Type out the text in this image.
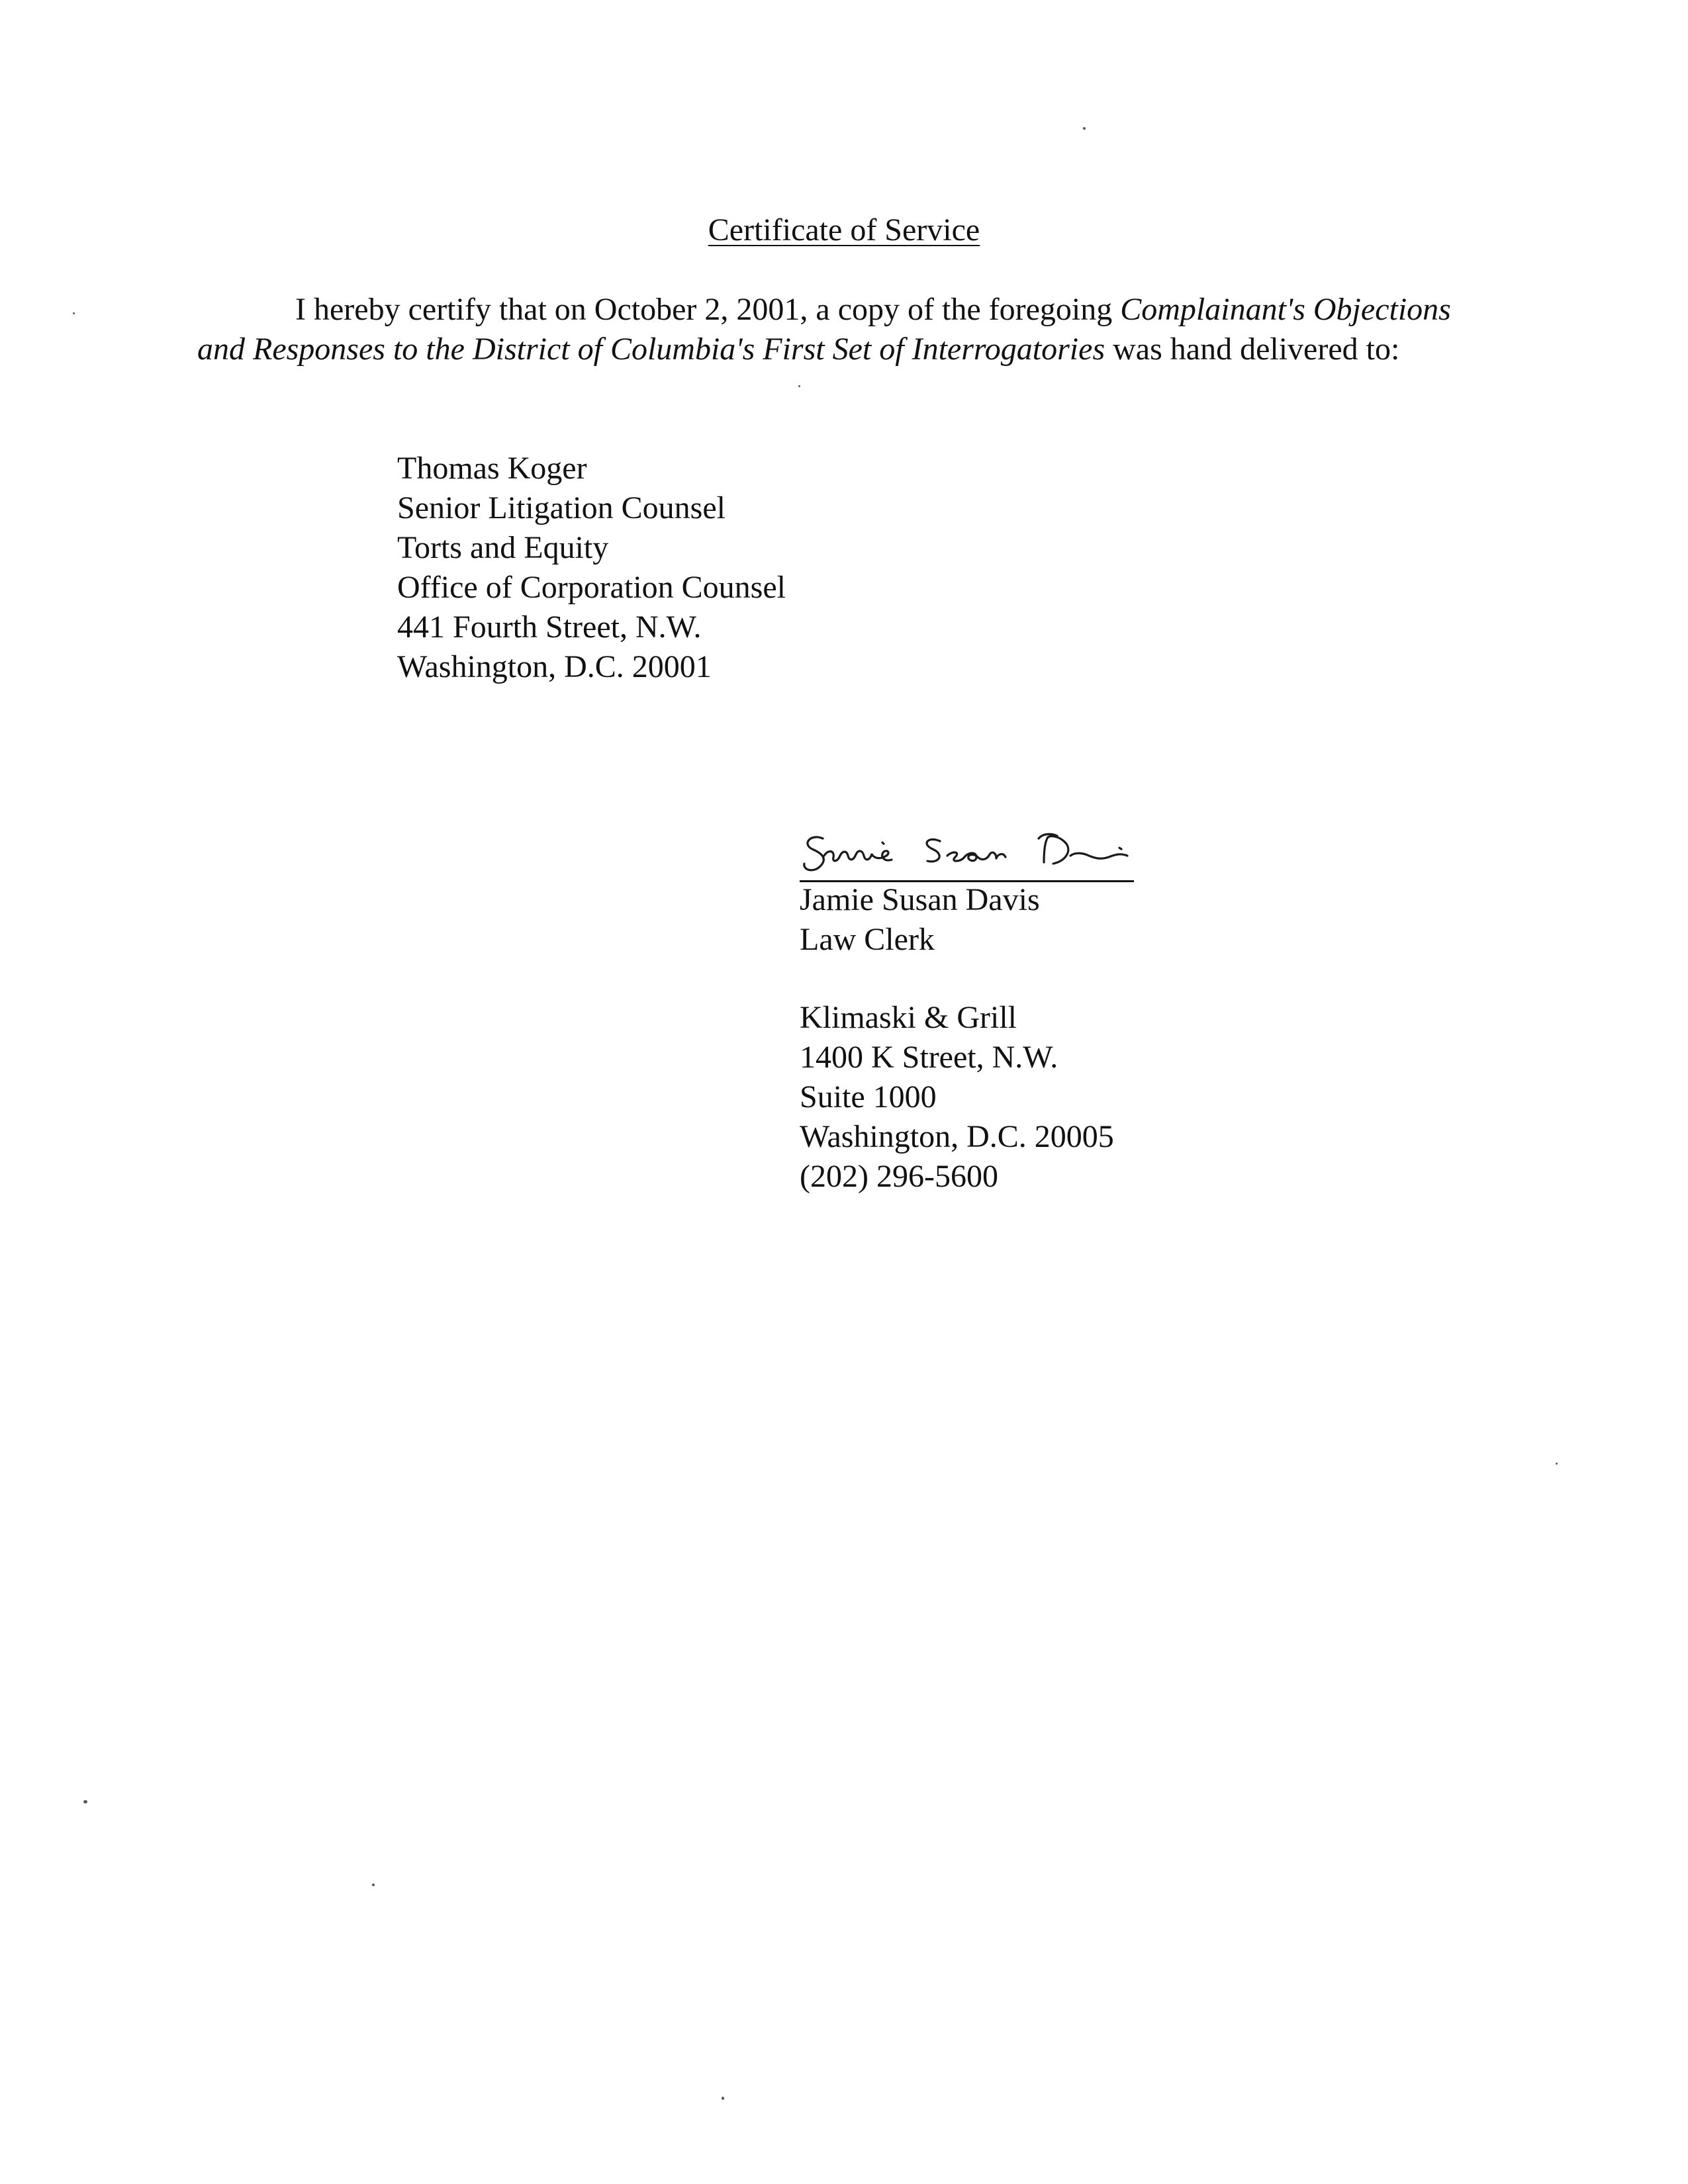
Certificate of Service
I hereby certify that on October 2, 2001, a copy of the foregoing Complainant's Objections and Responses to the District of Columbia's First Set of Interrogatories was hand delivered to:
Thomas Koger
Senior Litigation Counsel
Torts and Equity
Office of Corporation Counsel
441 Fourth Street, N.W.
Washington, D.C. 20001
Jamie Susan Davis
Law Clerk
Klimaski & Grill
1400 K Street, N.W.
Suite 1000
Washington, D.C. 20005
(202) 296-5600
